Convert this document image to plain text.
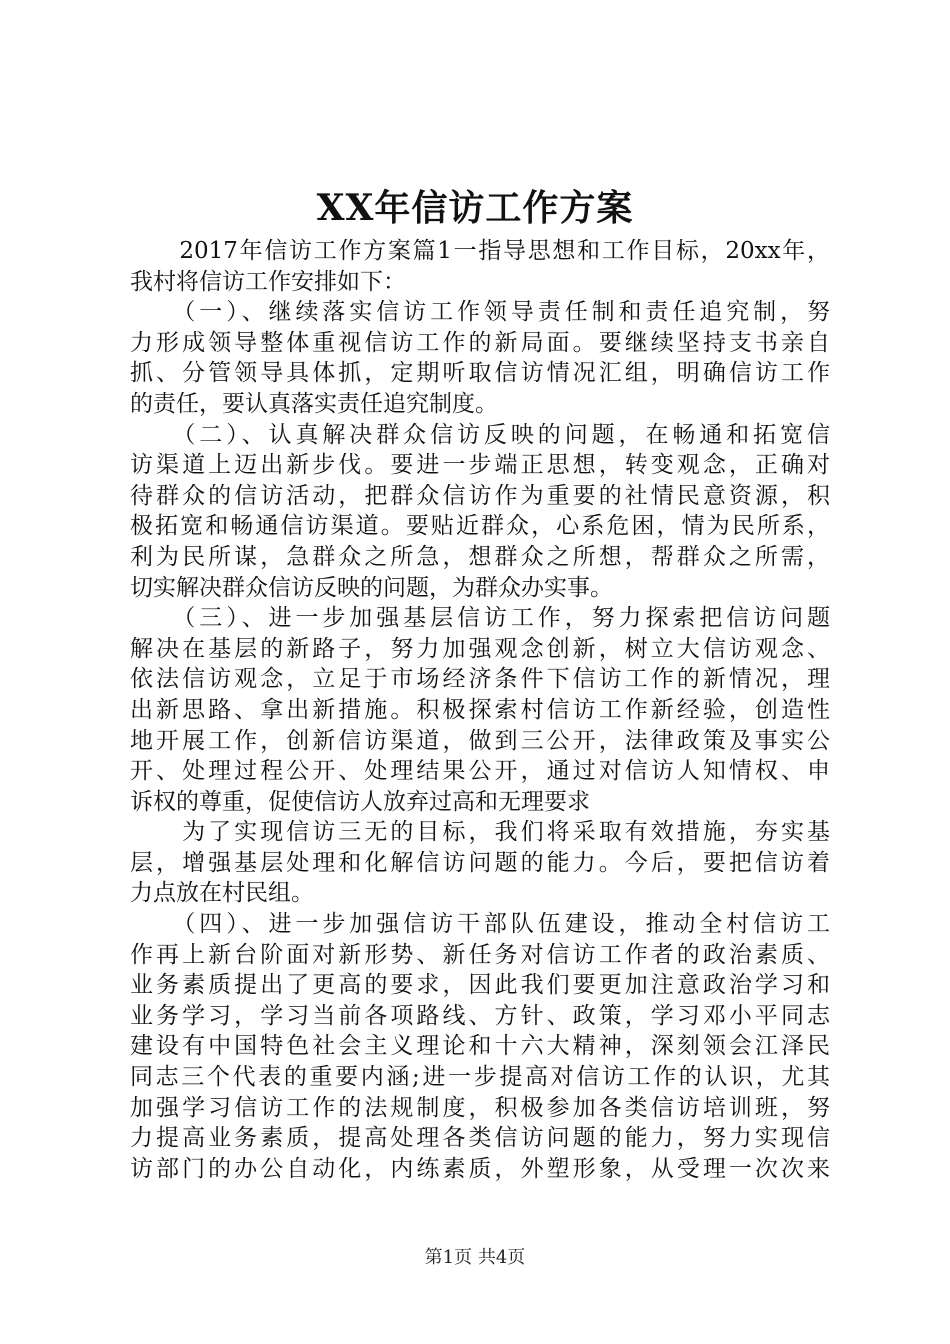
XX年信访工作方案
　　2017年信访工作方案篇1一指导思想和工作目标，20xx年，
我村将信访工作安排如下：
　　（一）、继续落实信访工作领导责任制和责任追究制，努
力形成领导整体重视信访工作的新局面。要继续坚持支书亲自
抓、分管领导具体抓，定期听取信访情况汇组，明确信访工作
的责任，要认真落实责任追究制度。
　　（二）、认真解决群众信访反映的问题，在畅通和拓宽信
访渠道上迈出新步伐。要进一步端正思想，转变观念，正确对
待群众的信访活动，把群众信访作为重要的社情民意资源，积
极拓宽和畅通信访渠道。要贴近群众，心系危困，情为民所系，
利为民所谋，急群众之所急，想群众之所想，帮群众之所需，
切实解决群众信访反映的问题，为群众办实事。
　　（三）、进一步加强基层信访工作，努力探索把信访问题
解决在基层的新路子，努力加强观念创新，树立大信访观念、
依法信访观念，立足于市场经济条件下信访工作的新情况，理
出新思路、拿出新措施。积极探索村信访工作新经验，创造性
地开展工作，创新信访渠道，做到三公开，法律政策及事实公
开、处理过程公开、处理结果公开，通过对信访人知情权、申
诉权的尊重，促使信访人放弃过高和无理要求
　　为了实现信访三无的目标，我们将采取有效措施，夯实基
层，增强基层处理和化解信访问题的能力。今后，要把信访着
力点放在村民组。
　　（四）、进一步加强信访干部队伍建设，推动全村信访工
作再上新台阶面对新形势、新任务对信访工作者的政治素质、
业务素质提出了更高的要求，因此我们要更加注意政治学习和
业务学习，学习当前各项路线、方针、政策，学习邓小平同志
建设有中国特色社会主义理论和十六大精神，深刻领会江泽民
同志三个代表的重要内涵;进一步提高对信访工作的认识，尤其
加强学习信访工作的法规制度，积极参加各类信访培训班，努
力提高业务素质，提高处理各类信访问题的能力，努力实现信
访部门的办公自动化，内练素质，外塑形象，从受理一次次来
第1页 共4页
